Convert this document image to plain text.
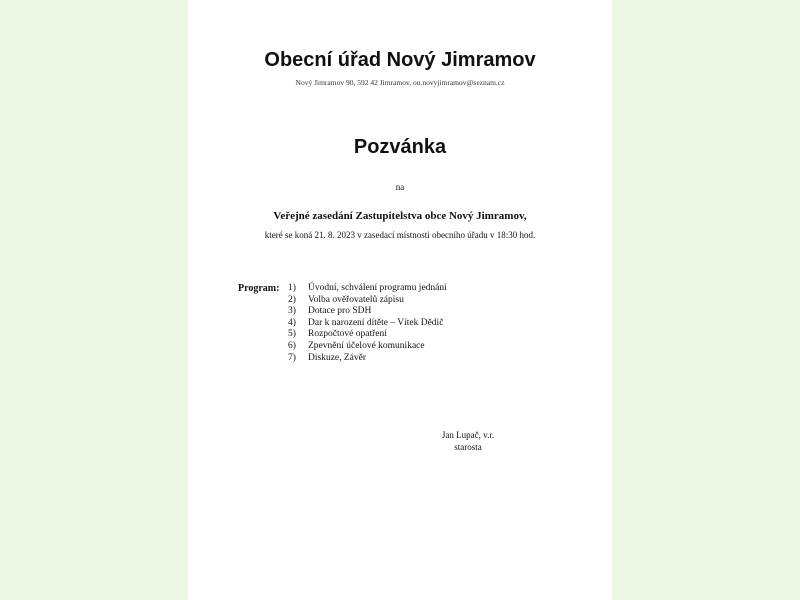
Obecní úřad Nový Jimramov
Nový Jimramov 90, 592 42 Jimramov, ou.novyjimramov@seznam.cz
Pozvánka
na
Veřejné zasedání Zastupitelstva obce Nový Jimramov,
které se koná 21. 8. 2023 v zasedací místnosti obecního úřadu v 18:30 hod.
Program: 1) Úvodní, schválení programu jednání
2) Volba ověřovatelů zápisu
3) Dotace pro SDH
4) Dar k narození dítěte – Vítek Dědič
5) Rozpočtové opatření
6) Zpevnění účelové komunikace
7) Diskuze, Závěr
Jan Lupač, v.r.
starosta
